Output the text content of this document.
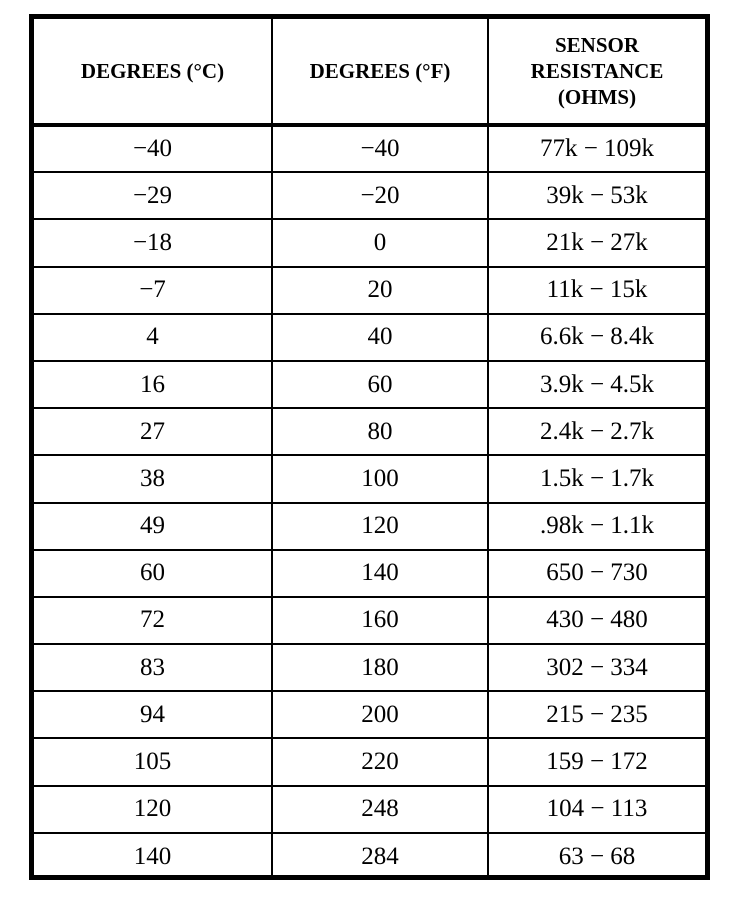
DEGREES (°C)	DEGREES (°F)	SENSOR
RESISTANCE
(OHMS)

−40	−40	77k − 109k
−29	−20	39k − 53k
−18	0	21k − 27k
−7	20	11k − 15k
4	40	6.6k − 8.4k
16	60	3.9k − 4.5k
27	80	2.4k − 2.7k
38	100	1.5k − 1.7k
49	120	.98k − 1.1k
60	140	650 − 730
72	160	430 − 480
83	180	302 − 334
94	200	215 − 235
105	220	159 − 172
120	248	104 − 113
140	284	63 − 68
